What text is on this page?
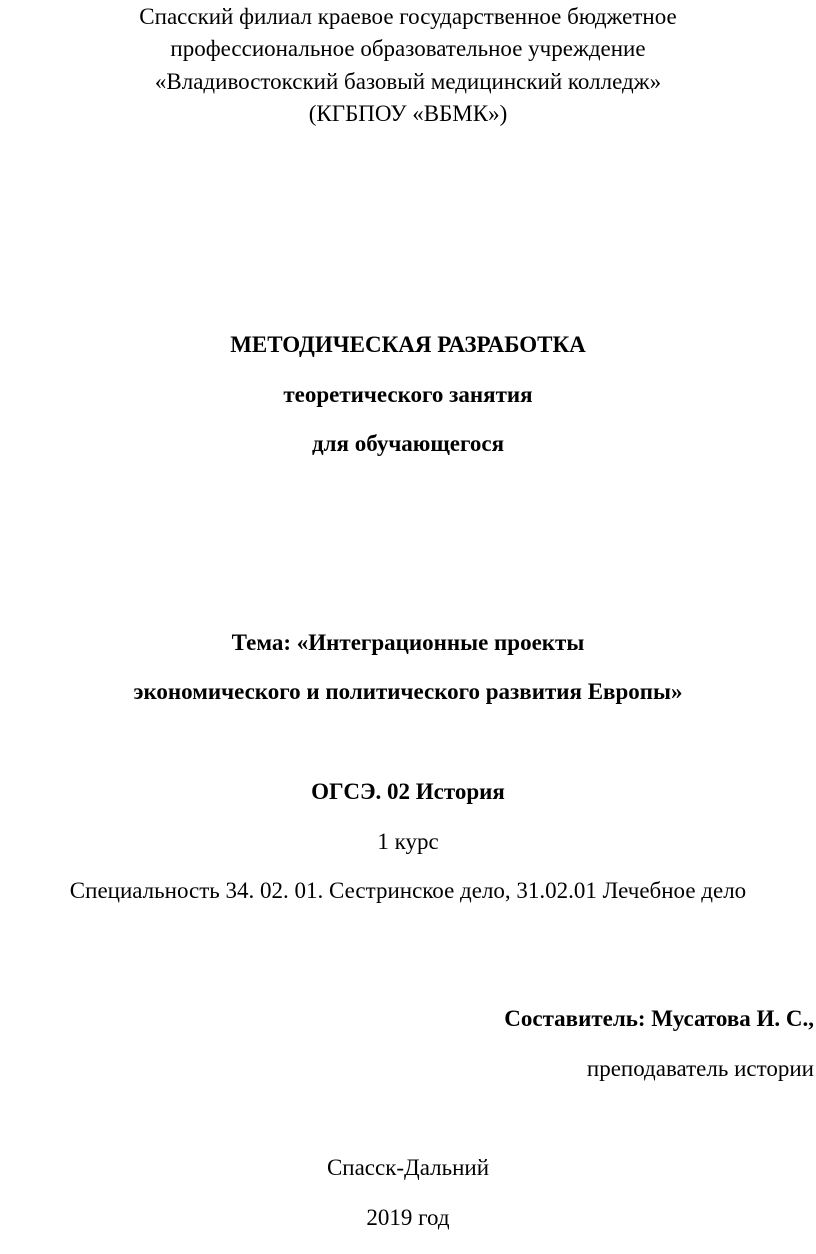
Спасский филиал краевое государственное бюджетное
профессиональное образовательное учреждение
«Владивостокский базовый медицинский колледж»
(КГБПОУ «ВБМК»)
МЕТОДИЧЕСКАЯ РАЗРАБОТКА
теоретического занятия
для обучающегося
Тема: «Интеграционные проекты
экономического и политического развития Европы»
ОГСЭ. 02 История
1 курс
Специальность 34. 02. 01. Сестринское дело, 31.02.01 Лечебное дело
Составитель: Мусатова И. С.,
преподаватель истории
Спасск-Дальний
2019 год
